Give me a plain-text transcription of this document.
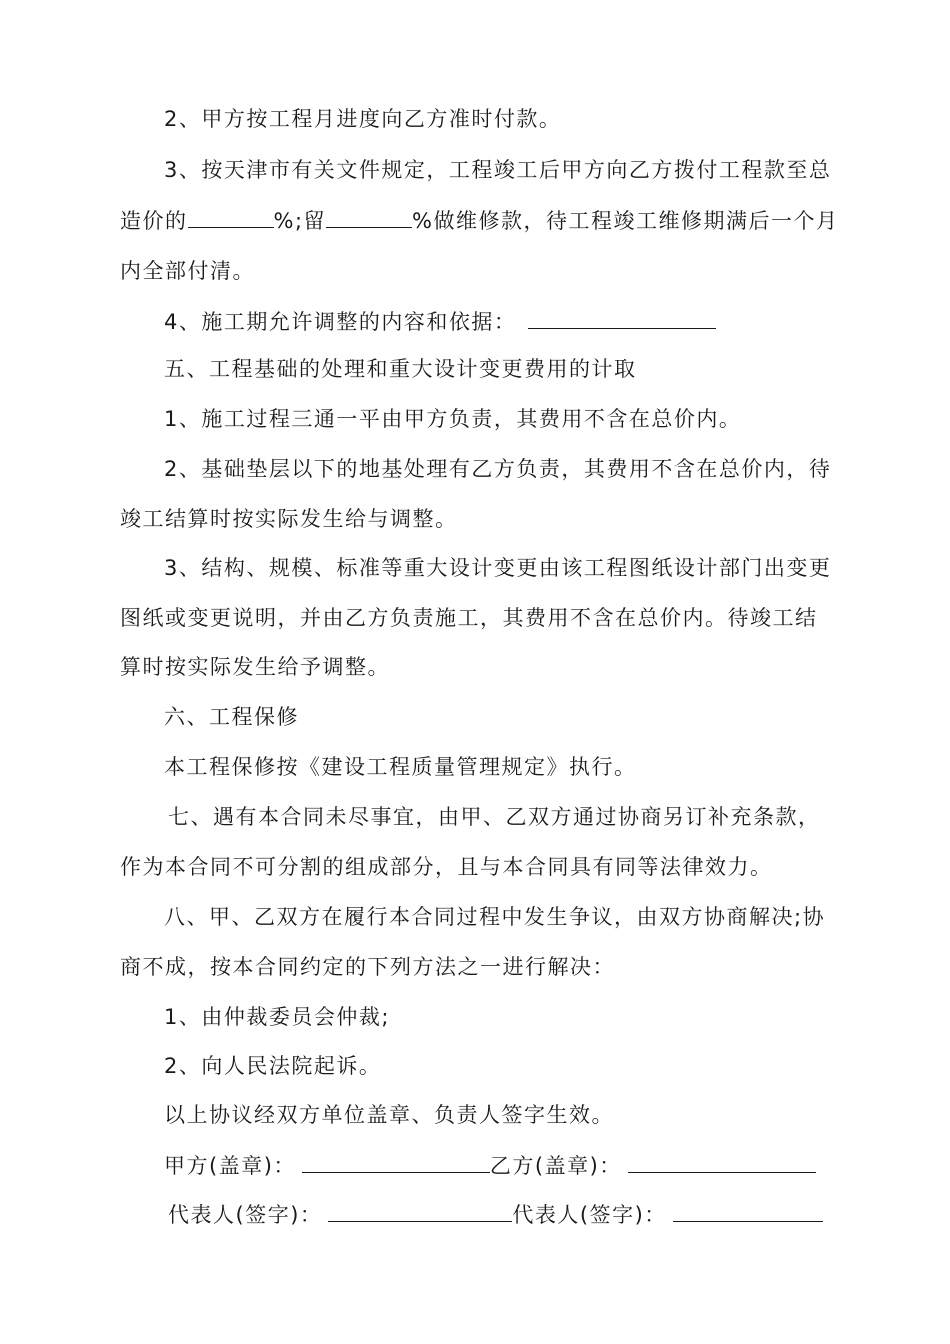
2、甲方按工程月进度向乙方准时付款。
3、按天津市有关文件规定，工程竣工后甲方向乙方拨付工程款至总
造价的	%;留	%做维修款，待工程竣工维修期满后一个月
内全部付清。
4、施工期允许调整的内容和依据：
五、工程基础的处理和重大设计变更费用的计取
1、施工过程三通一平由甲方负责，其费用不含在总价内。
2、基础垫层以下的地基处理有乙方负责，其费用不含在总价内，待
竣工结算时按实际发生给与调整。
3、结构、规模、标准等重大设计变更由该工程图纸设计部门出变更
图纸或变更说明，并由乙方负责施工，其费用不含在总价内。待竣工结
算时按实际发生给予调整。
六、工程保修
本工程保修按《建设工程质量管理规定》执行。
七、遇有本合同未尽事宜，由甲、乙双方通过协商另订补充条款，
作为本合同不可分割的组成部分，且与本合同具有同等法律效力。
八、甲、乙双方在履行本合同过程中发生争议，由双方协商解决;协
商不成，按本合同约定的下列方法之一进行解决：
1、由仲裁委员会仲裁;
2、向人民法院起诉。
以上协议经双方单位盖章、负责人签字生效。
甲方(盖章)：	乙方(盖章)：
代表人(签字)：	代表人(签字)：
